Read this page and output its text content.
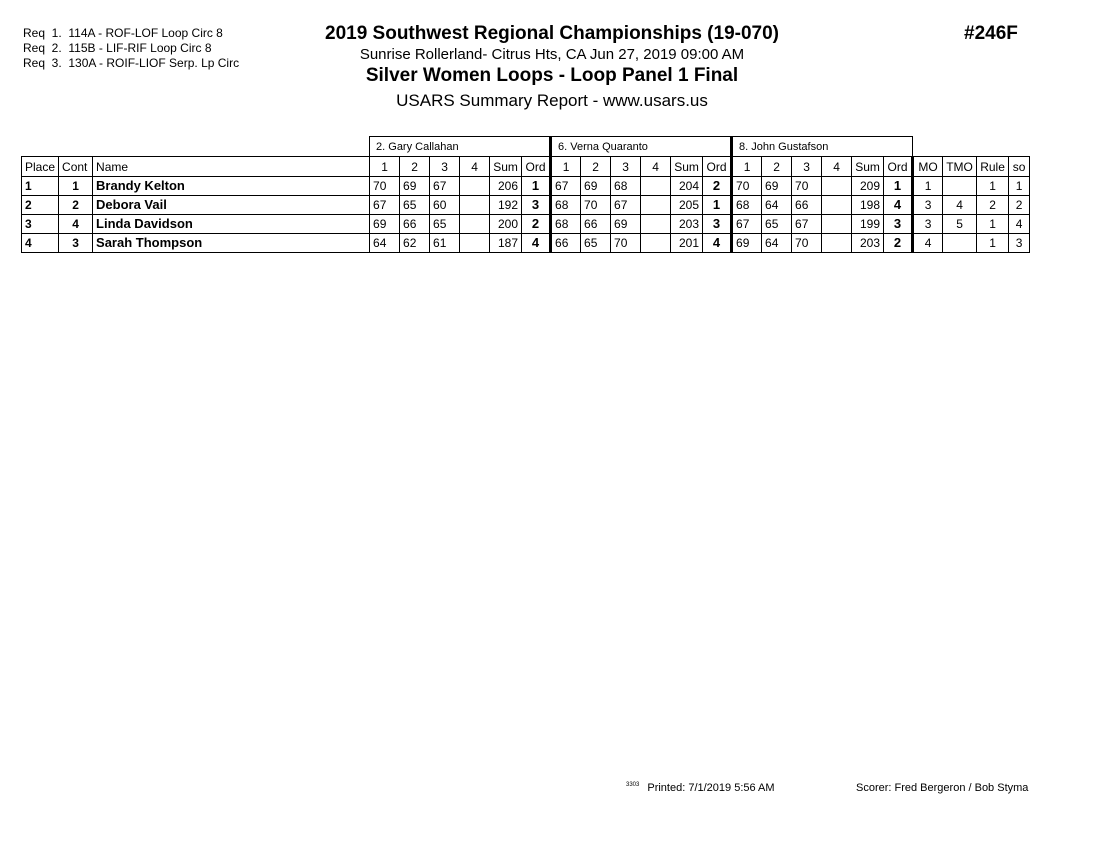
Req  1.  114A - ROF-LOF Loop Circ 8
Req  2.  115B - LIF-RIF Loop Circ 8
Req  3.  130A - ROIF-LIOF Serp. Lp Circ
2019 Southwest Regional Championships (19-070)
Sunrise Rollerland- Citrus Hts, CA Jun 27, 2019 09:00 AM
Silver Women Loops - Loop Panel 1 Final
USARS Summary Report - www.usars.us
#246F
			2. Gary Callahan						6. Verna Quaranto						8. John Gustafson									
Place	Cont	Name	1	2	3	4	Sum	Ord	1	2	3	4	Sum	Ord	1	2	3	4	Sum	Ord	MO	TMO	Rule	so
1	1	Brandy Kelton	70	69	67		206	1	67	69	68		204	2	70	69	70		209	1	1		1	1
2	2	Debora Vail	67	65	60		192	3	68	70	67		205	1	68	64	66		198	4	3	4	2	2
3	4	Linda Davidson	69	66	65		200	2	68	66	69		203	3	67	65	67		199	3	3	5	1	4
4	3	Sarah Thompson	64	62	61		187	4	66	65	70		201	4	69	64	70		203	2	4		1	3
$^{3303}$ Printed: 7/1/2019 5:56 AM	Scorer: Fred Bergeron / Bob Styma
